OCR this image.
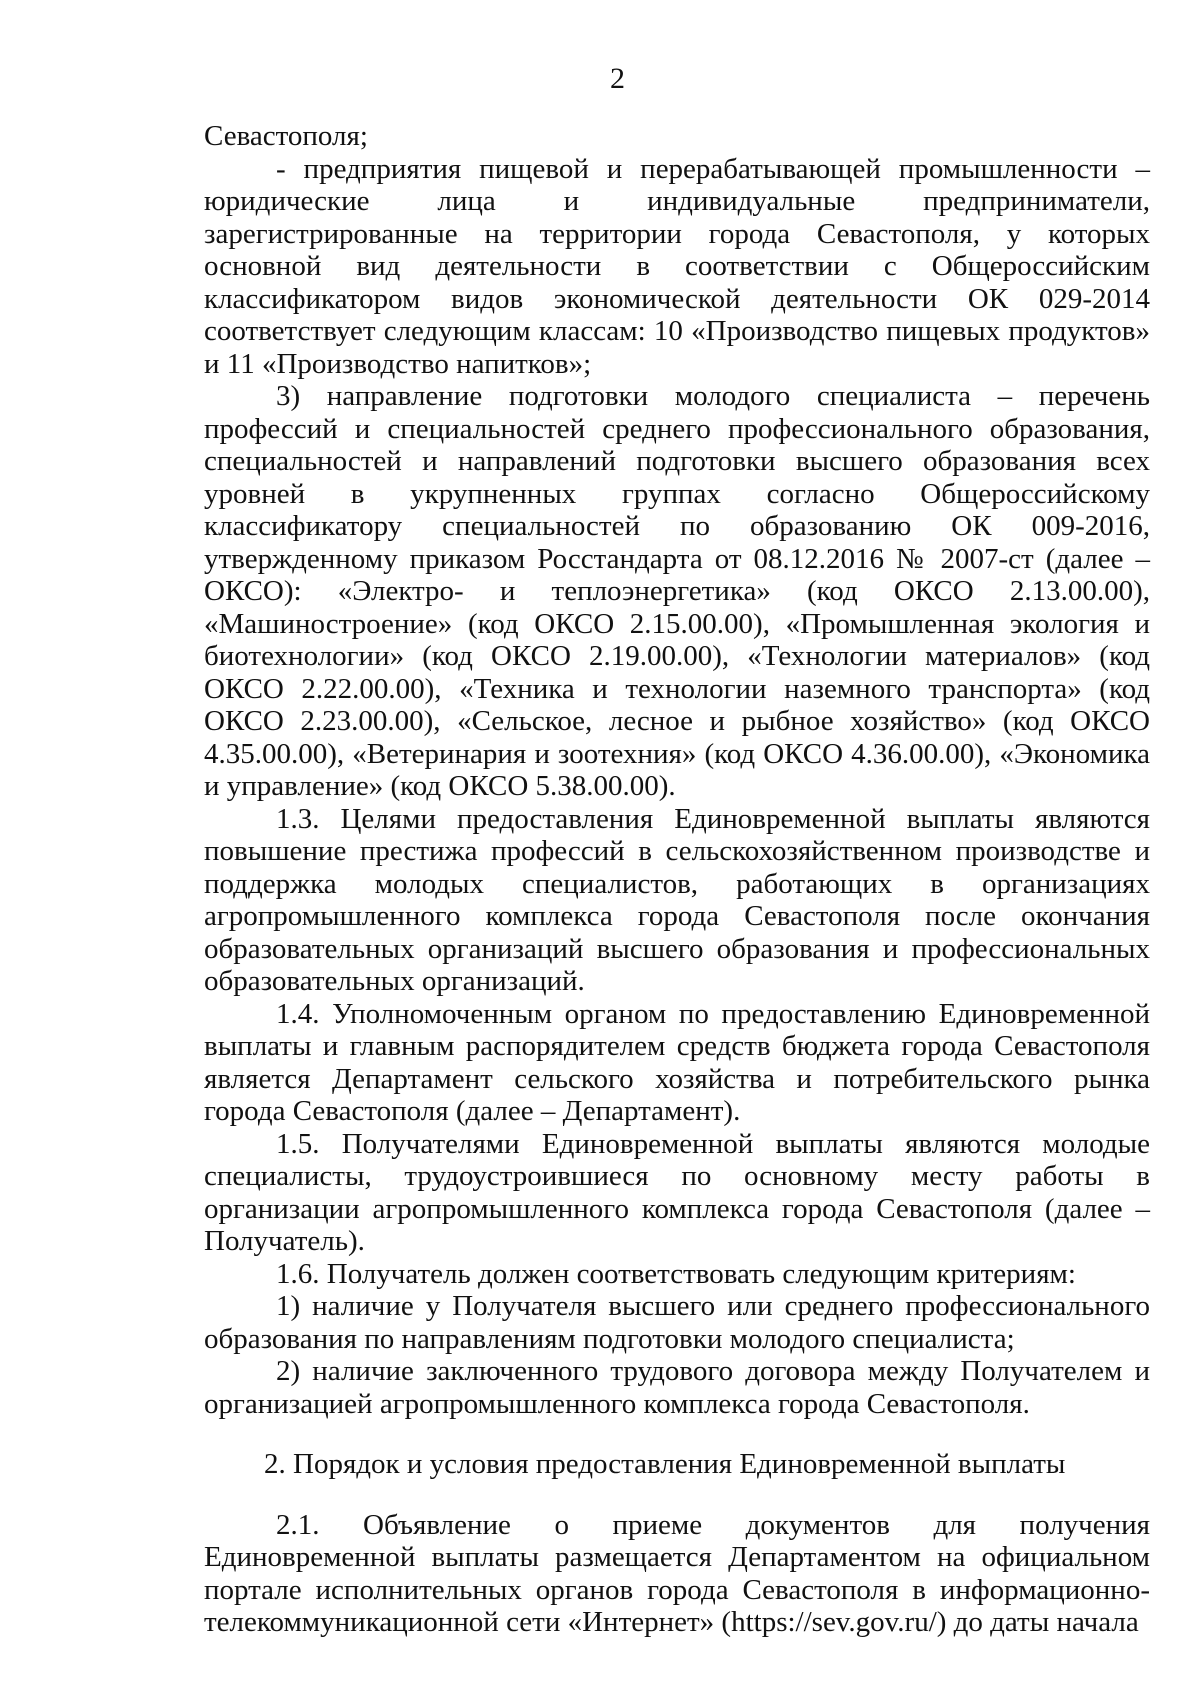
2

Севастополя;

- предприятия пищевой и перерабатывающей промышленности – юридические лица и индивидуальные предприниматели, зарегистрированные на территории города Севастополя, у которых основной вид деятельности в соответствии с Общероссийским классификатором видов экономической деятельности ОК 029-2014 соответствует следующим классам: 10 «Производство пищевых продуктов» и 11 «Производство напитков»;

3) направление подготовки молодого специалиста – перечень профессий и специальностей среднего профессионального образования, специальностей и направлений подготовки высшего образования всех уровней в укрупненных группах согласно Общероссийскому классификатору специальностей по образованию ОК 009-2016, утвержденному приказом Росстандарта от 08.12.2016 № 2007-ст (далее – ОКСО): «Электро- и теплоэнергетика» (код ОКСО 2.13.00.00), «Машиностроение» (код ОКСО 2.15.00.00), «Промышленная экология и биотехнологии» (код ОКСО 2.19.00.00), «Технологии материалов» (код ОКСО 2.22.00.00), «Техника и технологии наземного транспорта» (код ОКСО 2.23.00.00), «Сельское, лесное и рыбное хозяйство» (код ОКСО 4.35.00.00), «Ветеринария и зоотехния» (код ОКСО 4.36.00.00), «Экономика и управление» (код ОКСО 5.38.00.00).

1.3. Целями предоставления Единовременной выплаты являются повышение престижа профессий в сельскохозяйственном производстве и поддержка молодых специалистов, работающих в организациях агропромышленного комплекса города Севастополя после окончания образовательных организаций высшего образования и профессиональных образовательных организаций.

1.4. Уполномоченным органом по предоставлению Единовременной выплаты и главным распорядителем средств бюджета города Севастополя является Департамент сельского хозяйства и потребительского рынка города Севастополя (далее – Департамент).

1.5. Получателями Единовременной выплаты являются молодые специалисты, трудоустроившиеся по основному месту работы в организации агропромышленного комплекса города Севастополя (далее – Получатель).

1.6. Получатель должен соответствовать следующим критериям:

1) наличие у Получателя высшего или среднего профессионального образования по направлениям подготовки молодого специалиста;

2) наличие заключенного трудового договора между Получателем и организацией агропромышленного комплекса города Севастополя.

2. Порядок и условия предоставления Единовременной выплаты

2.1. Объявление о приеме документов для получения Единовременной выплаты размещается Департаментом на официальном портале исполнительных органов города Севастополя в информационно-телекоммуникационной сети «Интернет» (https://sev.gov.ru/) до даты начала
